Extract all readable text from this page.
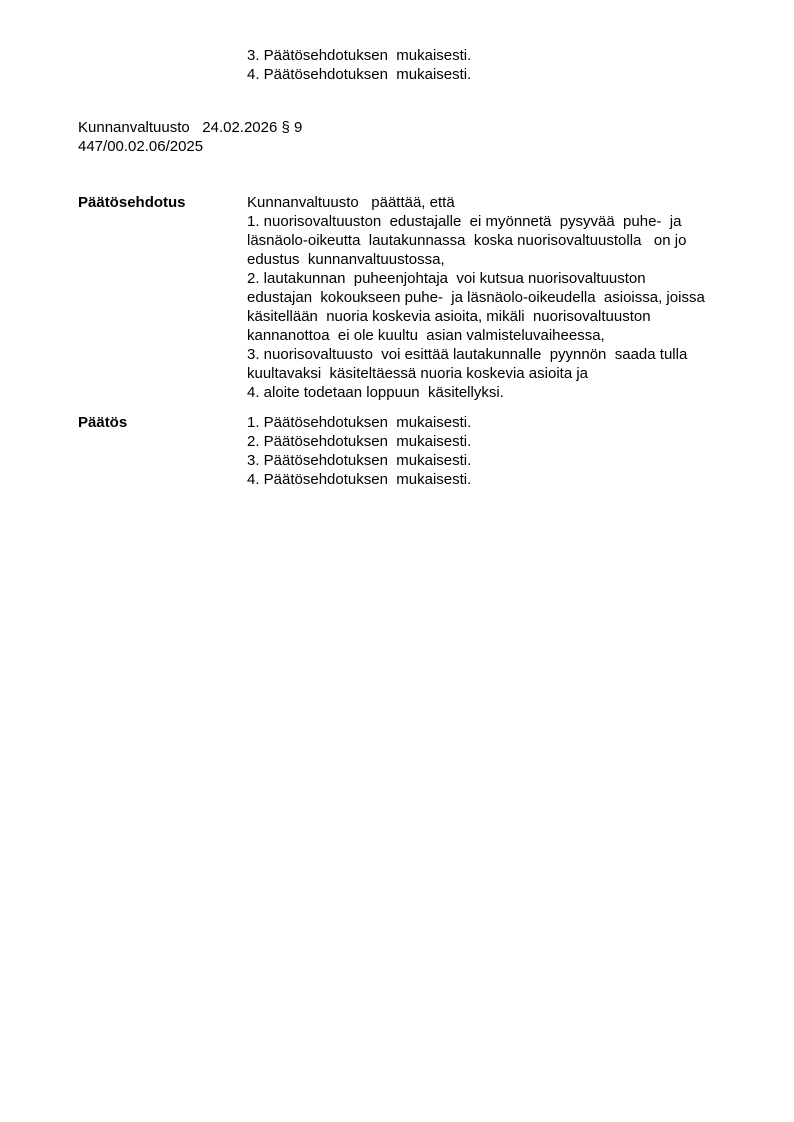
3. Päätösehdotuksen  mukaisesti.
4. Päätösehdotuksen  mukaisesti.
Kunnanvaltuusto   24.02.2026 § 9
447/00.02.06/2025
Päätösehdotus	Kunnanvaltuusto   päättää, että
1. nuorisovaltuuston  edustajalle  ei myönnetä  pysyvää  puhe-  ja
läsnäolo-oikeutta  lautakunnassa  koska nuorisovaltuustolla   on jo
edustus  kunnanvaltuustossa,
2. lautakunnan  puheenjohtaja  voi kutsua nuorisovaltuuston
edustajan  kokoukseen puhe-  ja läsnäolo-oikeudella  asioissa, joissa
käsitellään  nuoria koskevia asioita, mikäli  nuorisovaltuuston
kannanottoa  ei ole kuultu  asian valmisteluvaiheessa,
3. nuorisovaltuusto  voi esittää lautakunnalle  pyynnön  saada tulla
kuultavaksi  käsiteltäessä nuoria koskevia asioita ja
4. aloite todetaan loppuun  käsitellyksi.
Päätös	1. Päätösehdotuksen  mukaisesti.
2. Päätösehdotuksen  mukaisesti.
3. Päätösehdotuksen  mukaisesti.
4. Päätösehdotuksen  mukaisesti.
